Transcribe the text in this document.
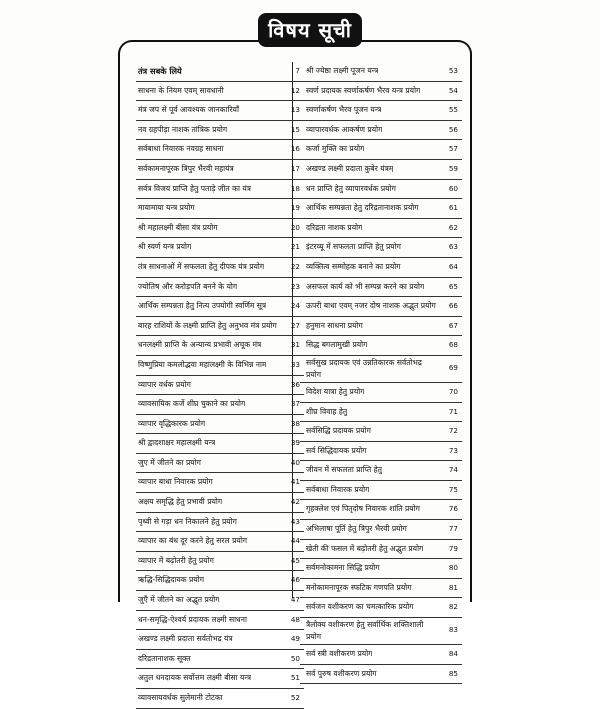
विषय सूची
तंत्र सबके लिये	7
साधना के नियम एवम् सावधानी	12
मंत्र जप से पूर्व आवश्यक जानकारियाँ	13
नव ग्रहपीड़ा नाशक तांत्रिक प्रयोग	15
सर्वबाधा निवारक नवग्रह साधना	16
सर्वकामनापूरक त्रिपुर भैरवी महायंत्र	17
सर्वत्र विजय प्राप्ति हेतु पताड़े जीत का यंत्र	18
मायामाया यन्त्र प्रयोग	19
श्री महालक्ष्मी बीसा यंत्र प्रयोग	20
श्री स्वर्ण यन्त्र प्रयोग	21
तंत्र साधनाओं में सफलता हेतु दीपक यंत्र प्रयोग	22
ज्योतिष और करोड़पति बनने के योग	23
आर्थिक सम्पन्नता हेतु नित्य उपयोगी स्वर्णिम सूत्र	24
बारह राशियों के लक्ष्मी प्राप्ति हेतु अनुभव मंत्र प्रयोग 27
धनलक्ष्मी प्राप्ति के अन्यान्य प्रभावी अचूक मंत्र	31
विष्णुप्रिया कमलोद्भवा महालक्ष्मी के विभिन्न नाम	33
व्यापार वर्धक प्रयोग	36
व्यावसायिक कर्जे शीघ्र चुकाने का प्रयोग	37
व्यापार वृद्धिकारक प्रयोग	38
श्री द्वादशाक्षर महालक्ष्मी यन्त्र	39
जुए में जीतने का प्रयोग	40
व्यापार बाधा निवारक प्रयोग	41
अक्षय समृद्धि हेतु प्रभावी प्रयोग	42
पृथ्वी से गड़ा धन निकालने हेतु प्रयोग	43
व्यापार का बंध दूर करने हेतु सरल प्रयोग	44
व्यापार में बढ़ोतरी हेतु प्रयोग	45
ऋद्धि-सिद्धिदायक प्रयोग	46
जुएँ में जीतने का अद्भुत प्रयोग	47
धन-समृद्धि-ऐश्वर्य प्रदायक लक्ष्मी साधना	48
अखण्ड लक्ष्मी प्रदाता सर्वतोभद्र यंत्र	49
दरिद्रतानाशक सूक्त	50
अतुल धनदायक सर्वोत्तम लक्ष्मी बीसा यन्त्र	51
व्यावसायवर्धक सुलेमानी टोटका	52
श्री ज्येष्ठा लक्ष्मी पूजन यन्त्र	53
स्वर्ण प्रदायक स्वर्णाकर्षण भैरव यन्त्र प्रयोग	54
स्वर्णाकर्षण भैरव पूजन यन्त्र	55
व्यापारवर्धक आकर्षण प्रयोग	56
कर्जा मुक्ति का प्रयोग	57
अखण्ड लक्ष्मी प्रदाता कुबेर यंत्रम्	59
धन प्राप्ति हेतु व्यापारवर्धक प्रयोग	60
आर्थिक सम्पन्नता हेतु दरिद्रतानाशक प्रयोग	61
दरिद्रता नाशक प्रयोग	62
इंटरव्यू में सफलता प्राप्ति हेतु प्रयोग	63
व्यक्तित्व सम्मोहक बनाने का प्रयोग	64
असफल कार्य को भी सम्पन्न करने का प्रयोग	65
ऊपरी बाधा एवम् नजर दोष नाशक अद्भुत प्रयोग 66
हनुमान साधना प्रयोग	67
सिद्ध बगलामुखी प्रयोग	68
सर्वसुख प्रदायक एवं उन्नतिकारक सर्वतोभद्र प्रयोग
69
विदेश यात्रा हेतु प्रयोग	70
शीघ्र विवाह हेतु	71
सर्वसिद्धि प्रदायक प्रयोग	72
सर्व सिद्धिदायक प्रयोग	73
जीवन में सफलता प्राप्ति हेतु	74
सर्वबाधा निवारक प्रयोग	75
गृहक्लेश एवं पितृदोष निवारक शांति प्रयोग	76
अभिलाषा पूर्ति हेतु त्रिपुर भैरवी प्रयोग	77
खेती की फसल में बढ़ोतरी हेतु अद्भुत प्रयोग	79
सर्वमनोकामना सिद्धि प्रयोग	80
मनोकामनापूरक स्फटिक गणपति प्रयोग	81
सर्वजन वशीकरण का चमत्कारिक प्रयोग	82
त्रैलोक्य वशीकरण हेतु सर्वार्थिक शक्तिशाली प्रयोग
83
सर्व स्त्री वशीकरण प्रयोग	84
सर्व पुरुष वशीकरण प्रयोग	85
